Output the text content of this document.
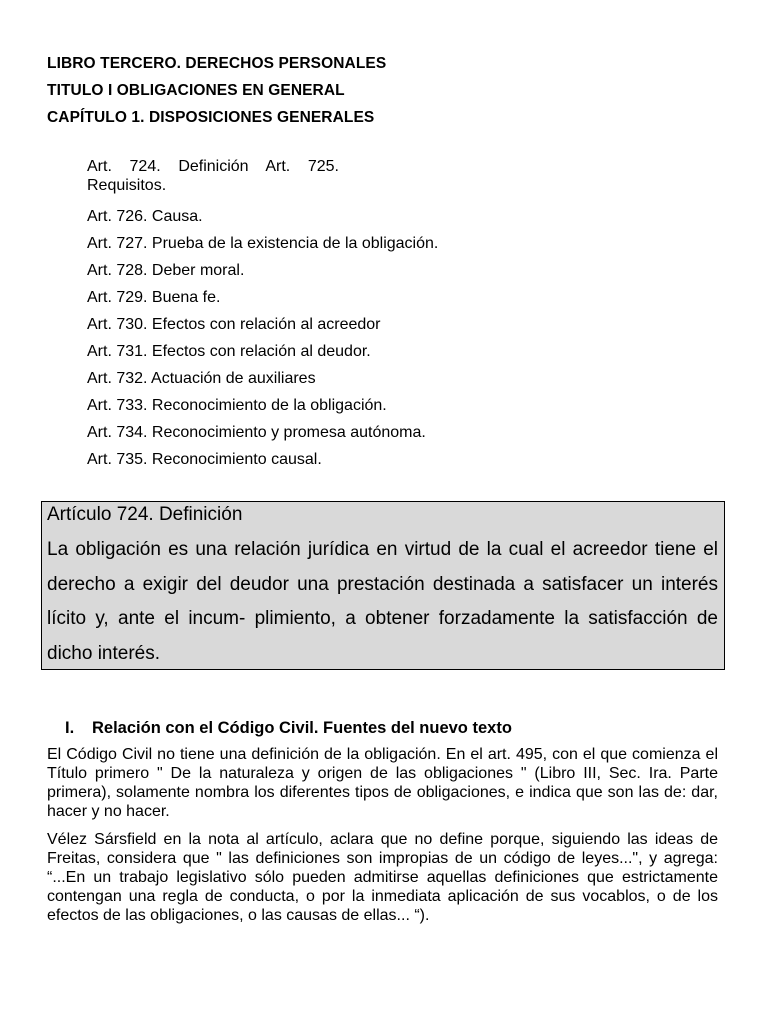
LIBRO TERCERO. DERECHOS PERSONALES
TITULO I OBLIGACIONES EN GENERAL
CAPÍTULO 1. DISPOSICIONES GENERALES
Art. 724. Definición Art. 725. Requisitos.
Art. 726. Causa.
Art. 727. Prueba de la existencia de la obligación.
Art. 728. Deber moral.
Art. 729. Buena fe.
Art. 730. Efectos con relación al acreedor
Art. 731. Efectos con relación al deudor.
Art. 732. Actuación de auxiliares
Art. 733. Reconocimiento de la obligación.
Art. 734. Reconocimiento y promesa autónoma.
Art. 735. Reconocimiento causal.
Artículo 724. Definición
La obligación es una relación jurídica en virtud de la cual el acreedor tiene el derecho a exigir del deudor una prestación destinada a satisfacer un interés lícito y, ante el incum- plimiento, a obtener forzadamente la satisfacción de dicho interés.
I. Relación con el Código Civil. Fuentes del nuevo texto
El Código Civil no tiene una definición de la obligación. En el art. 495, con el que comienza el Título primero " De la naturaleza y origen de las obligaciones " (Libro III, Sec. Ira. Parte primera), solamente nombra los diferentes tipos de obligaciones, e indica que son las de: dar, hacer y no hacer.
Vélez Sársfield en la nota al artículo, aclara que no define porque, siguiendo las ideas de Freitas, considera que " las definiciones son impropias de un código de leyes...", y agrega: “...En un trabajo legislativo sólo pueden admitirse aquellas definiciones que estrictamente contengan una regla de conducta, o por la inmediata aplicación de sus vocablos, o de los efectos de las obligaciones, o las causas de ellas... “).
